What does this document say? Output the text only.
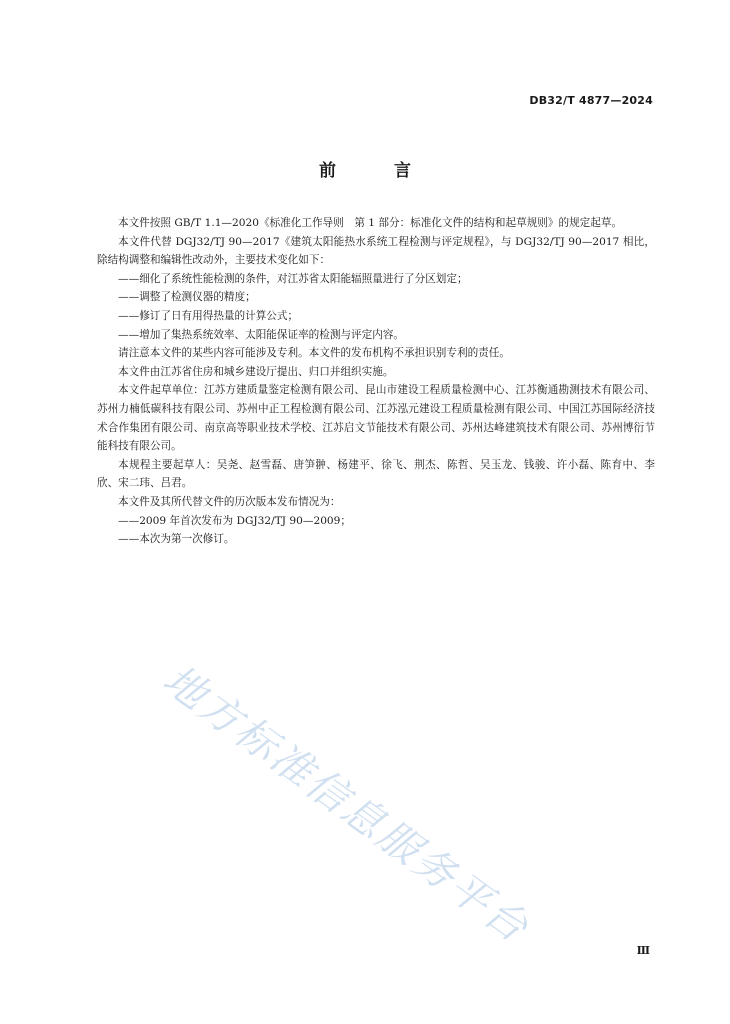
DB32/T 4877—2024
前 言

本文件按照 GB/T 1.1—2020《标准化工作导则　第 1 部分：标准化文件的结构和起草规则》的规定起草。

本文件代替 DGJ32/TJ 90—2017《建筑太阳能热水系统工程检测与评定规程》，与 DGJ32/TJ 90—2017 相比，除结构调整和编辑性改动外，主要技术变化如下：

——细化了系统性能检测的条件，对江苏省太阳能辐照量进行了分区划定；

——调整了检测仪器的精度；

——修订了日有用得热量的计算公式；

——增加了集热系统效率、太阳能保证率的检测与评定内容。

请注意本文件的某些内容可能涉及专利。本文件的发布机构不承担识别专利的责任。

本文件由江苏省住房和城乡建设厅提出、归口并组织实施。

本文件起草单位：江苏方建质量鉴定检测有限公司、昆山市建设工程质量检测中心、江苏衡通勘测技术有限公司、苏州力楠低碳科技有限公司、苏州中正工程检测有限公司、江苏泓元建设工程质量检测有限公司、中国江苏国际经济技术合作集团有限公司、南京高等职业技术学校、江苏启文节能技术有限公司、苏州达峰建筑技术有限公司、苏州博衍节能科技有限公司。

本规程主要起草人：吴尧、赵雪磊、唐笋翀、杨建平、徐飞、荆杰、陈哲、吴玉龙、钱骏、许小磊、陈育中、李欣、宋二玮、吕君。

本文件及其所代替文件的历次版本发布情况为：

——2009 年首次发布为 DGJ32/TJ 90—2009；

——本次为第一次修订。

地方标准信息服务平台	Ⅲ
